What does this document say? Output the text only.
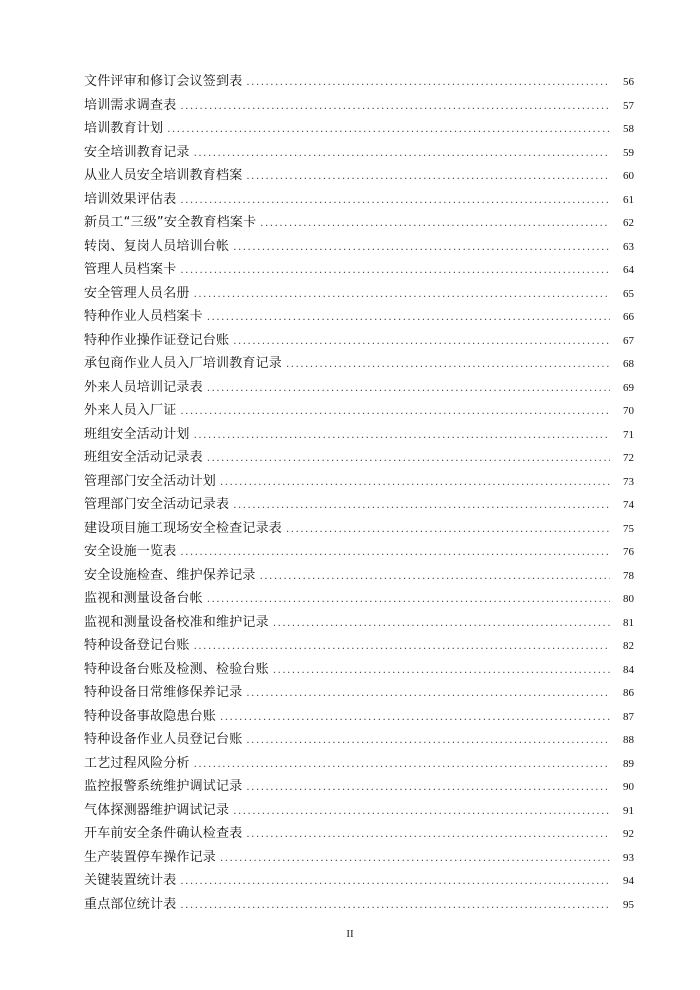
文件评审和修订会议签到表 .....	56
培训需求调查表 .....	57
培训教育计划 .....	58
安全培训教育记录 .....	59
从业人员安全培训教育档案 .....	60
培训效果评估表 .....	61
新员工“三级”安全教育档案卡 .....	62
转岗、复岗人员培训台帐 .....	63
管理人员档案卡 .....	64
安全管理人员名册 .....	65
特种作业人员档案卡 .....	66
特种作业操作证登记台账 .....	67
承包商作业人员入厂培训教育记录 .....	68
外来人员培训记录表 .....	69
外来人员入厂证 .....	70
班组安全活动计划 .....	71
班组安全活动记录表 .....	72
管理部门安全活动计划 .....	73
管理部门安全活动记录表 .....	74
建设项目施工现场安全检查记录表 .....	75
安全设施一览表 .....	76
安全设施检查、维护保养记录 .....	78
监视和测量设备台帐 .....	80
监视和测量设备校准和维护记录 .....	81
特种设备登记台账 .....	82
特种设备台账及检测、检验台账 .....	84
特种设备日常维修保养记录 .....	86
特种设备事故隐患台账 .....	87
特种设备作业人员登记台账 .....	88
工艺过程风险分析 .....	89
监控报警系统维护调试记录 .....	90
气体探测器维护调试记录 .....	91
开车前安全条件确认检查表 .....	92
生产装置停车操作记录 .....	93
关键装置统计表 .....	94
重点部位统计表 .....	95
II
